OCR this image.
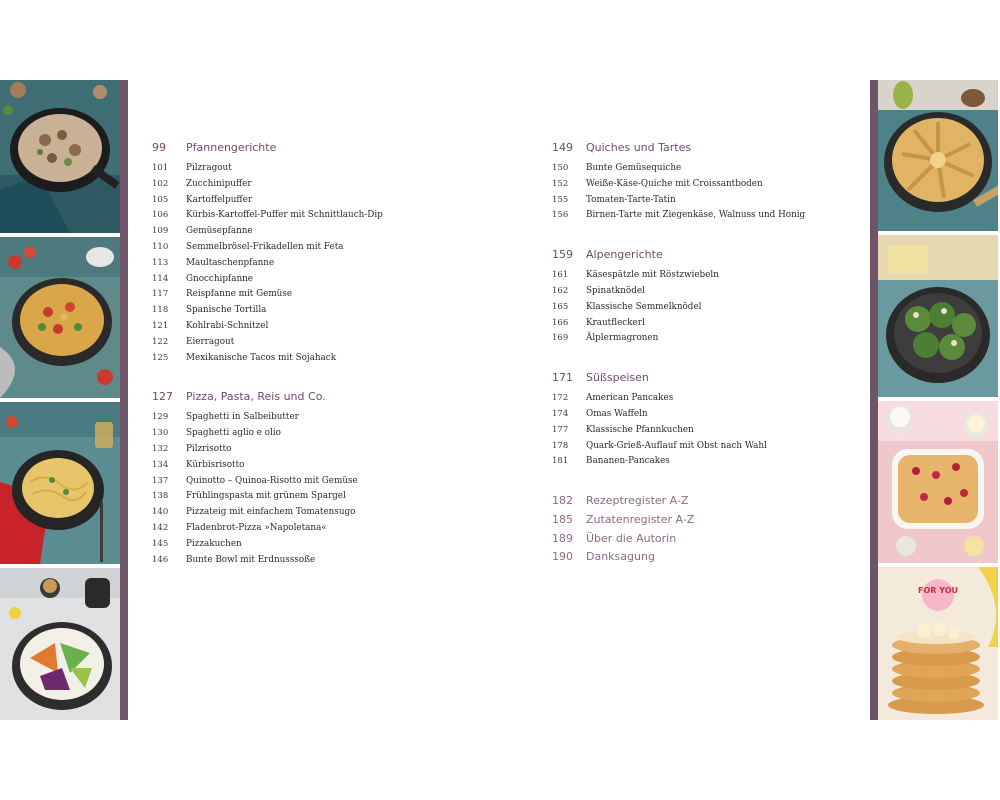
99	Pfannengerichte
101	Pilzragout
102	Zucchinipuffer
105	Kartoffelpuffer
106	Kürbis-Kartoffel-Puffer mit Schnittlauch-Dip
109	Gemüsepfanne
110	Semmelbrösel-Frikadellen mit Feta
113	Maultaschenpfanne
114	Gnocchipfanne
117	Reispfanne mit Gemüse
118	Spanische Tortilla
121	Kohlrabi-Schnitzel
122	Eierragout
125	Mexikanische Tacos mit Sojahack
127	Pizza, Pasta, Reis und Co.
129	Spaghetti in Salbeibutter
130	Spaghetti aglio e olio
132	Pilzrisotto
134	Kürbisrisotto
137	Quinotto – Quinoa-Risotto mit Gemüse
138	Frühlingspasta mit grünem Spargel
140	Pizzateig mit einfachem Tomatensugo
142	Fladenbrot-Pizza »Napoletana«
145	Pizzakuchen
146	Bunte Bowl mit Erdnusssoße
149	Quiches und Tartes
150	Bunte Gemüsequiche
152	Weiße-Käse-Quiche mit Croissantboden
155	Tomaten-Tarte-Tatin
156	Birnen-Tarte mit Ziegenkäse, Walnuss und Honig
159	Alpengerichte
161	Käsespätzle mit Röstzwiebeln
162	Spinatknödel
165	Klassische Semmelknödel
166	Krautfleckerl
169	Älplermagronen
171	Süßspeisen
172	American Pancakes
174	Omas Waffeln
177	Klassische Pfannkuchen
178	Quark-Grieß-Auflauf mit Obst nach Wahl
181	Bananen-Pancakes
182	Rezeptregister A-Z
185	Zutatenregister A-Z
189	Über die Autorin
190	Danksagung
FOR YOU
